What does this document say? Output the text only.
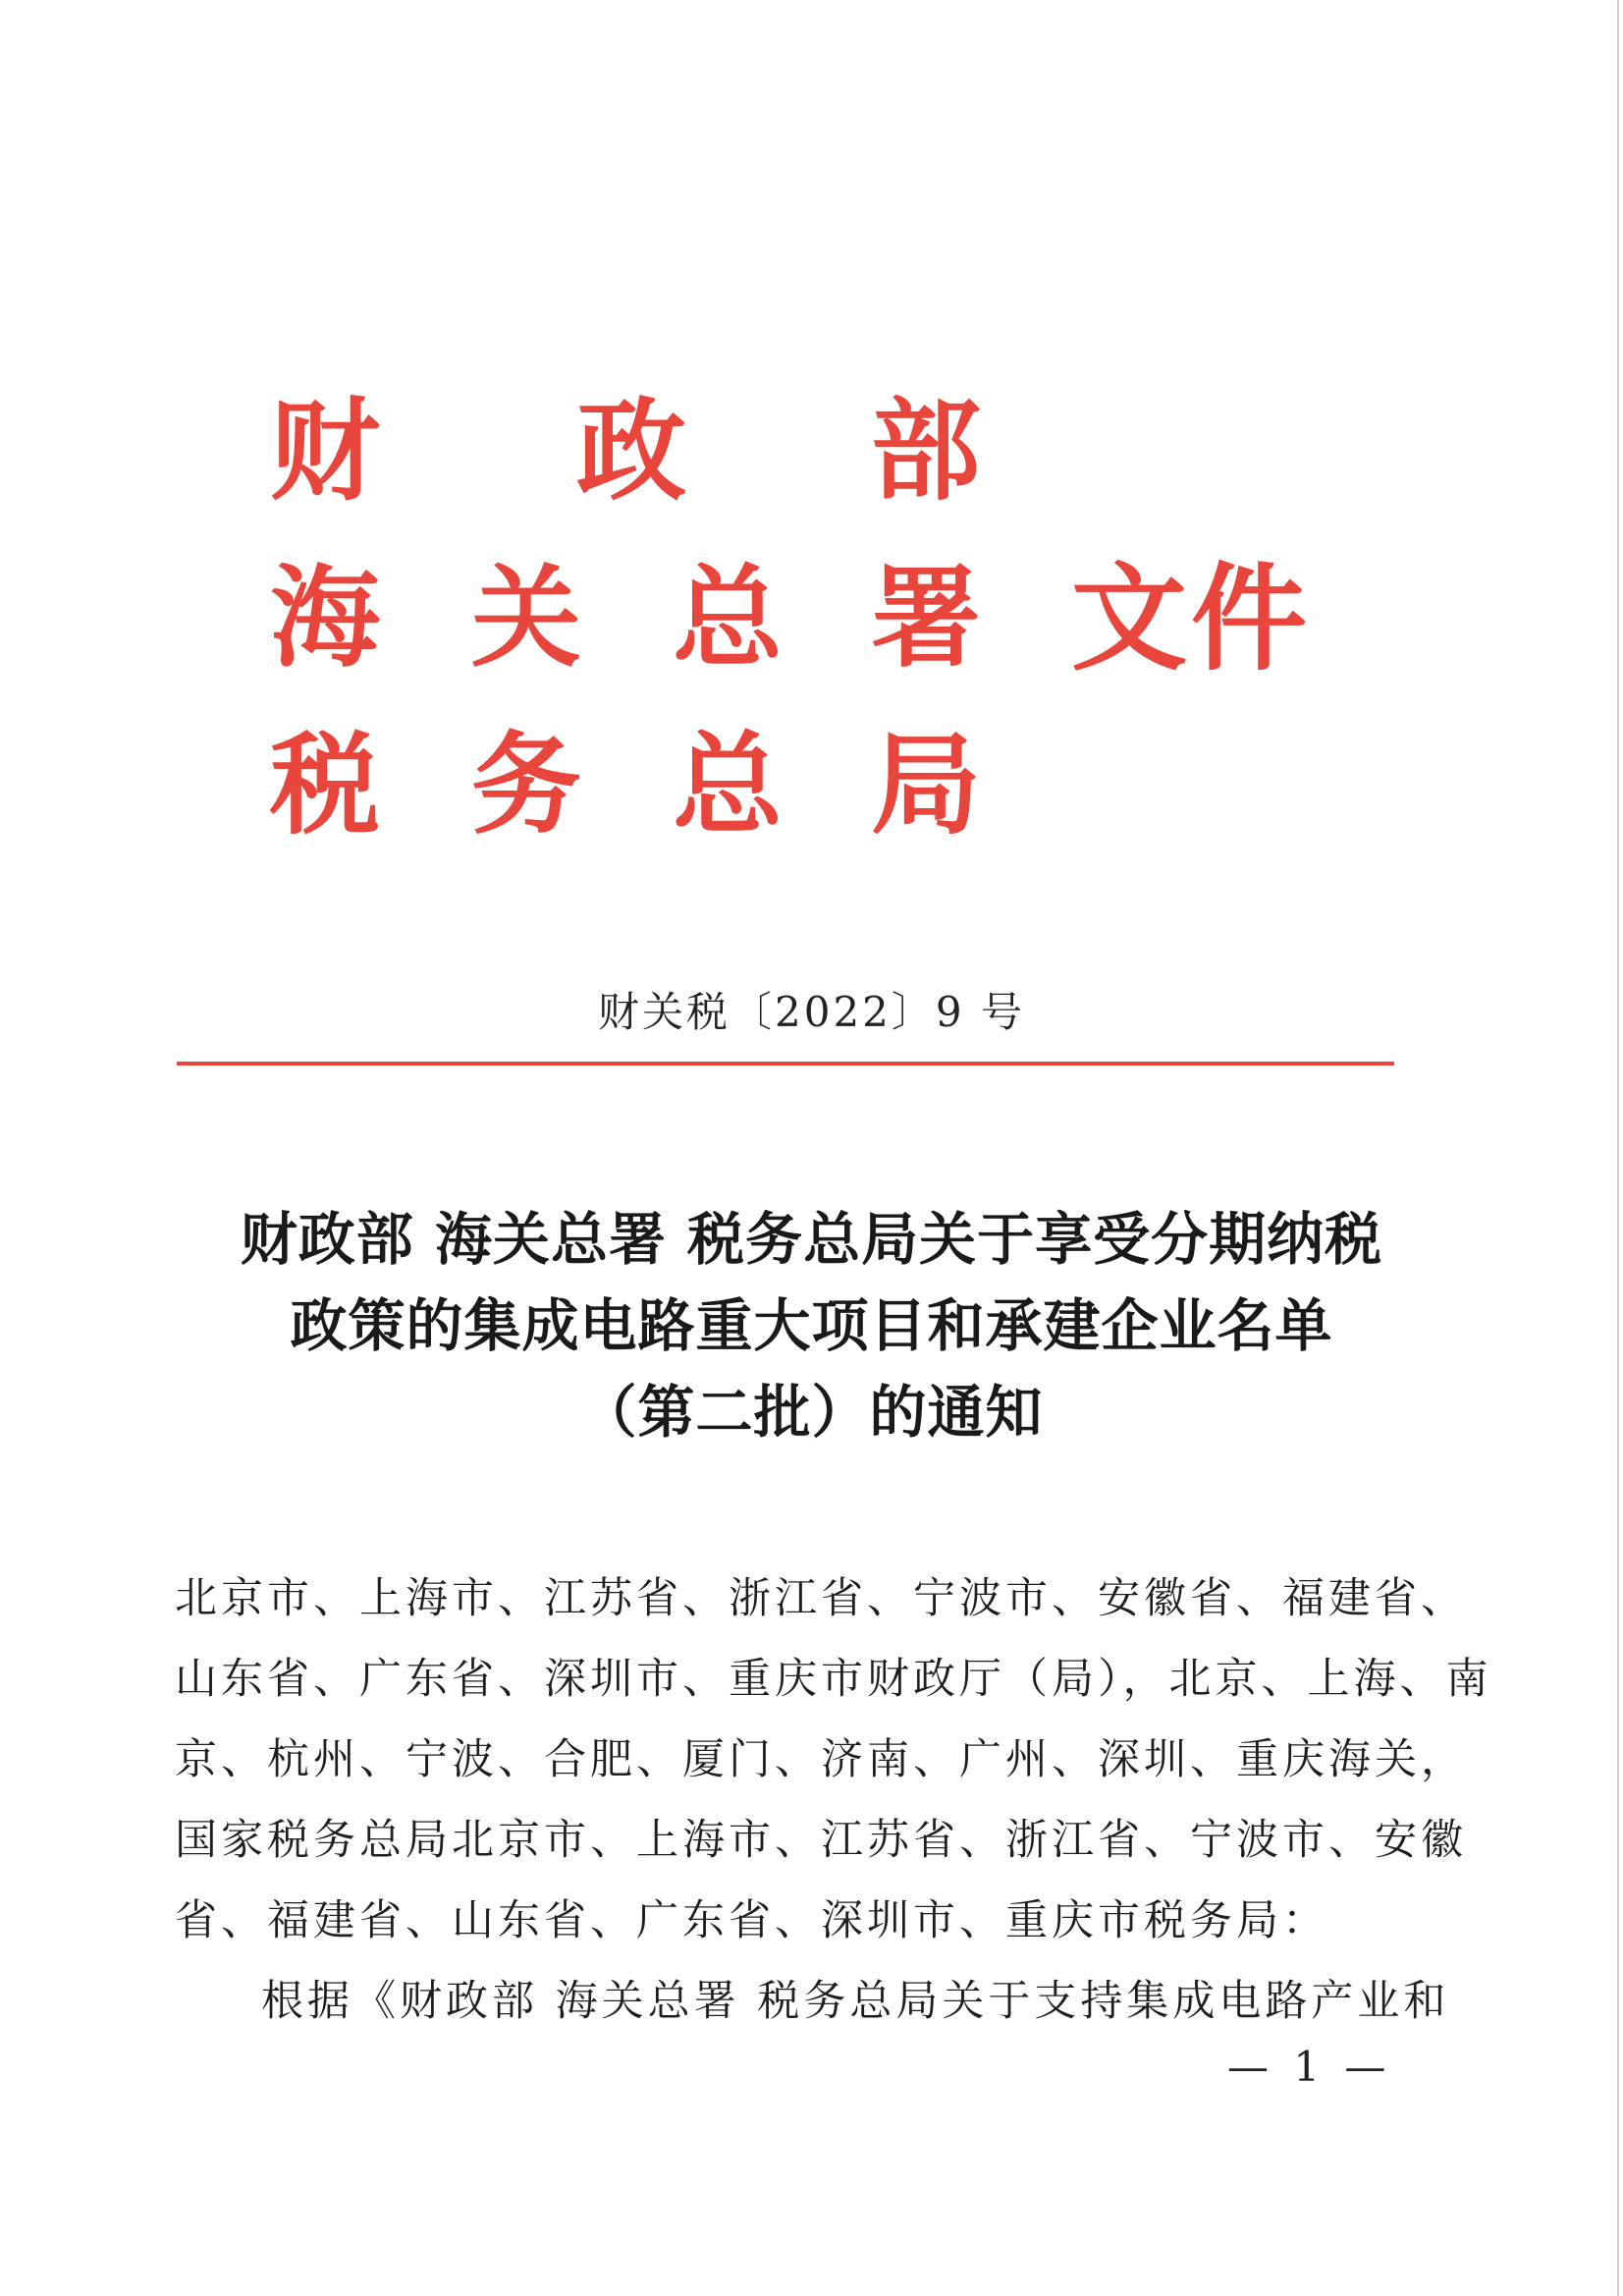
财 政 部
海 关 总 署 文件
税 务 总 局
财关税〔2022〕9 号
财政部 海关总署 税务总局关于享受分期纳税
政策的集成电路重大项目和承建企业名单
（第二批）的通知
北京市、上海市、江苏省、浙江省、宁波市、安徽省、福建省、
山东省、广东省、深圳市、重庆市财政厅（局），北京、上海、南
京、杭州、宁波、合肥、厦门、济南、广州、深圳、重庆海关，
国家税务总局北京市、上海市、江苏省、浙江省、宁波市、安徽
省、福建省、山东省、广东省、深圳市、重庆市税务局：
根据《财政部 海关总署 税务总局关于支持集成电路产业和
— 1 —
